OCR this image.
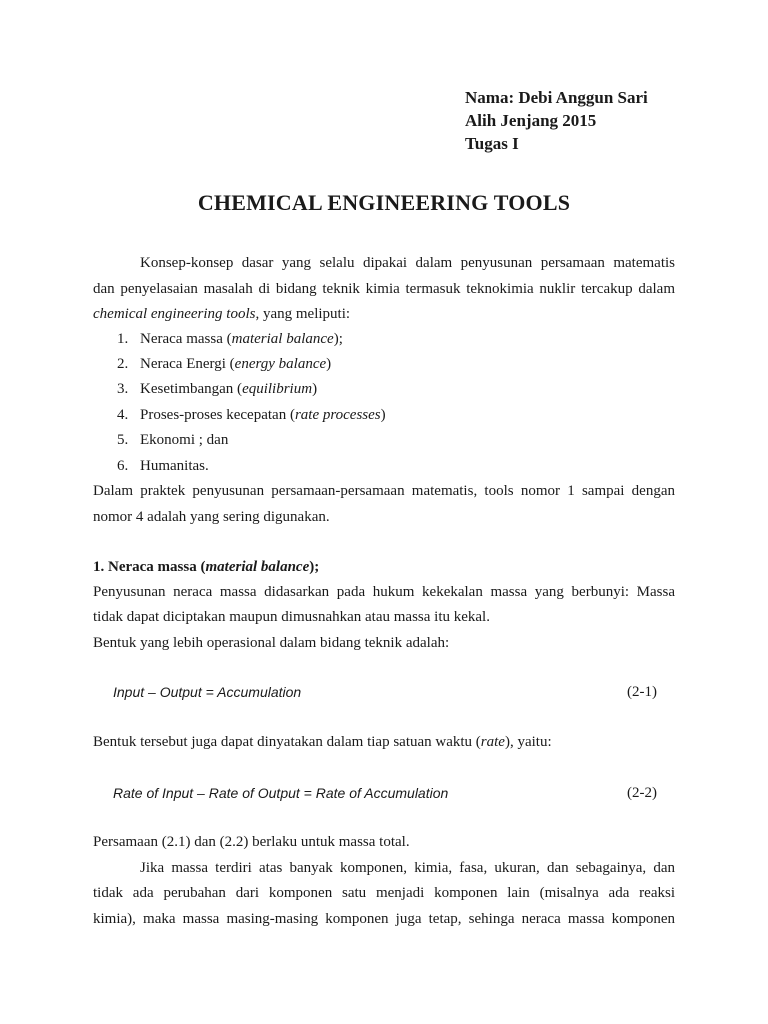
Nama: Debi Anggun Sari
Alih Jenjang 2015
Tugas I
CHEMICAL ENGINEERING TOOLS
Konsep-konsep dasar yang selalu dipakai dalam penyusunan persamaan matematis
dan penyelasaian masalah di bidang teknik kimia termasuk teknokimia nuklir tercakup dalam
chemical engineering tools, yang meliputi:
1. Neraca massa (material balance);
2. Neraca Energi (energy balance)
3. Kesetimbangan (equilibrium)
4. Proses-proses kecepatan (rate processes)
5. Ekonomi ; dan
6. Humanitas.
Dalam praktek penyusunan persamaan-persamaan matematis, tools nomor 1 sampai dengan
nomor 4 adalah yang sering digunakan.
1. Neraca massa (material balance);
Penyusunan neraca massa didasarkan pada hukum kekekalan massa yang berbunyi: Massa
tidak dapat diciptakan maupun dimusnahkan atau massa itu kekal.
Bentuk yang lebih operasional dalam bidang teknik adalah:
Input – Output = Accumulation	(2-1)
Bentuk tersebut juga dapat dinyatakan dalam tiap satuan waktu (rate), yaitu:
Rate of Input – Rate of Output = Rate of Accumulation	(2-2)
Persamaan (2.1) dan (2.2) berlaku untuk massa total.
Jika massa terdiri atas banyak komponen, kimia, fasa, ukuran, dan sebagainya, dan
tidak ada perubahan dari komponen satu menjadi komponen lain (misalnya ada reaksi
kimia), maka massa masing-masing komponen juga tetap, sehinga neraca massa komponen
